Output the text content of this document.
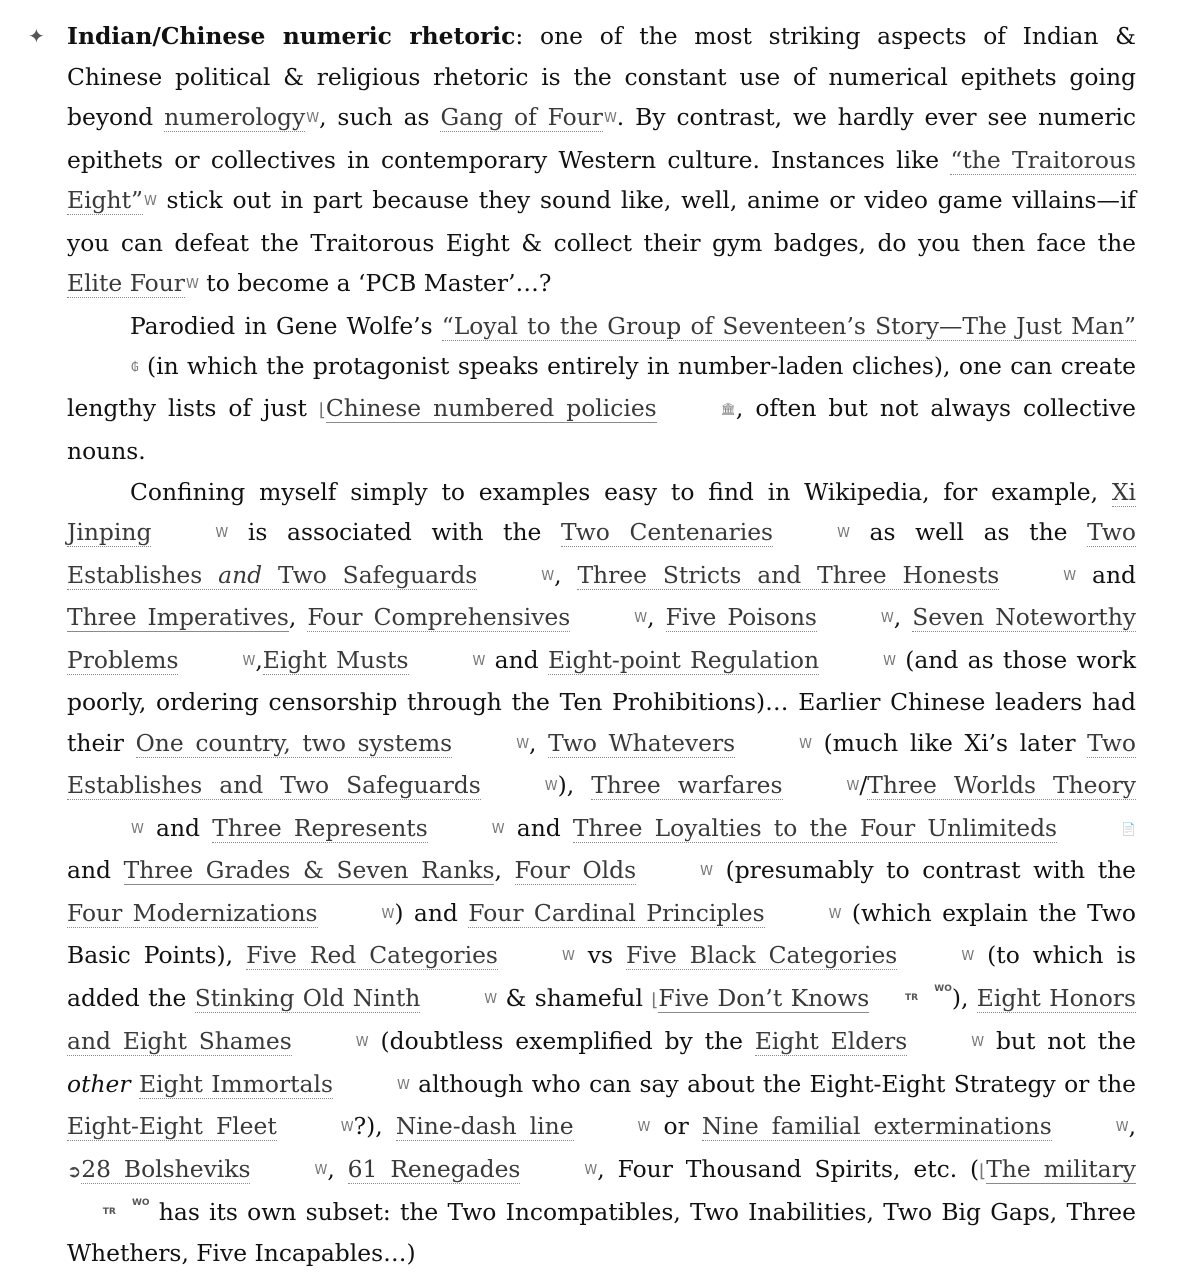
✦ Indian/Chinese numeric rhetoric: one of the most striking aspects of Indian & Chinese political & religious rhetoric is the constant use of numerical epithets going beyond numerologyW, such as Gang of FourW. By contrast, we hardly ever see numeric epithets or collectives in contemporary Western culture. Instances like “the Traitorous Eight”W stick out in part because they sound like, well, anime or video game villains—if you can defeat the Traitorous Eight & collect their gym badges, do you then face the Elite FourW to become a ‘PCB Master’…?

Parodied in Gene Wolfe’s “Loyal to the Group of Seventeen’s Story—The Just Man”₲ (in which the protagonist speaks entirely in number-laden cliches), one can create lengthy lists of just ⌊Chinese numbered policies	🏛, often but not always collective nouns.

Confining myself simply to examples easy to find in Wikipedia, for example, Xi Jinping	W is associated with the Two Centenaries	W as well as the Two Establishes and Two Safeguards	W, Three Stricts and Three Honests	W and Three Imperatives, Four Comprehensives	W, Five Poisons	W, Seven Noteworthy Problems	W,Eight Musts	W and Eight-point Regulation	W (and as those work poorly, ordering censorship through the Ten Prohibitions)… Earlier Chinese leaders had their One country, two systems	W, Two Whatevers	W (much like Xi’s later Two Establishes and Two Safeguards	W), Three warfares	W/Three Worlds TheoryW and Three Represents	W and Three Loyalties to the Four Unlimiteds	📄 and Three Grades & Seven Ranks, Four Olds	W (presumably to contrast with the Four Modernizations	W) and Four Cardinal Principles	W (which explain the Two Basic Points), Five Red Categories	W vs Five Black Categories	W (to which is added the Stinking Old Ninth	W & shameful ⌊Five Don’t Knows	WO
TR ), Eight Honors and Eight Shames	W (doubtless exemplified by the Eight Elders	W but not the other Eight Immortals	W although who can say about the Eight-Eight Strategy or the Eight-Eight Fleet	W?), Nine-dash line	W or Nine familial exterminations	W, ➲28 Bolsheviks	W, 61 Renegades	W, Four Thousand Spirits, etc. (⌊The militaryWO
TR has its own subset: the Two Incompatibles, Two Inabilities, Two Big Gaps, Three Whethers, Five Incapables…)
